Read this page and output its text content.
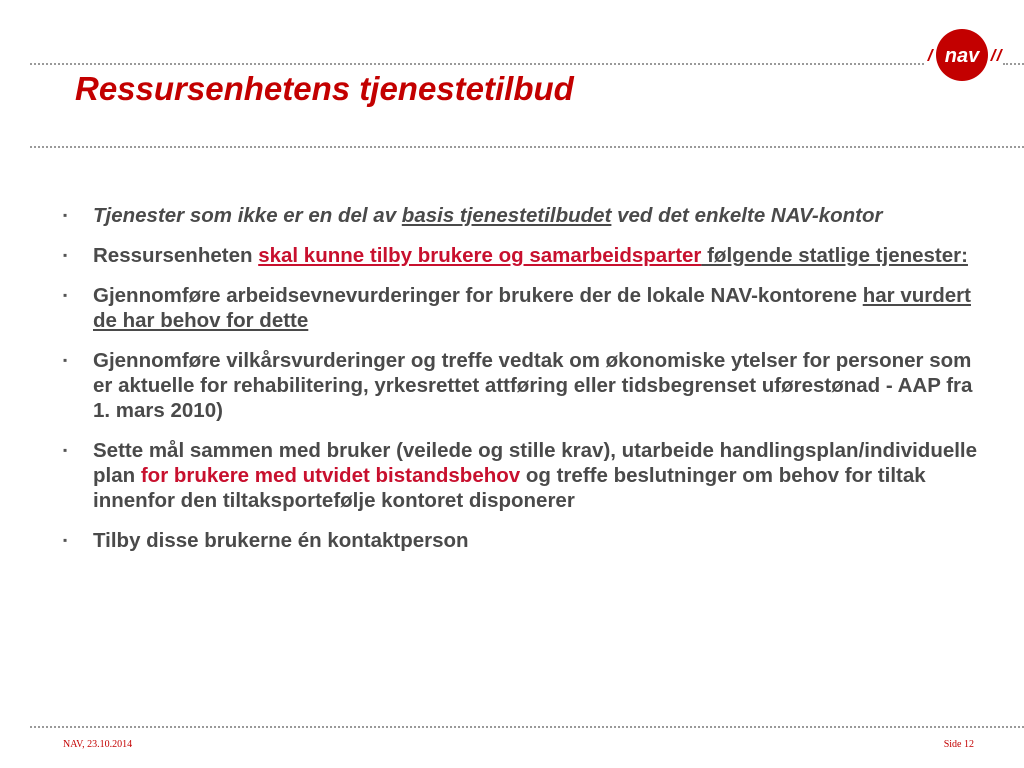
Ressursenhetens tjenestetilbud
nav
▪ Tjenester som ikke er en del av basis tjenestetilbudet ved det enkelte NAV-kontor
▪ Ressursenheten skal kunne tilby brukere og samarbeidsparter følgende statlige tjenester:
▪ Gjennomføre arbeidsevnevurderinger for brukere der de lokale NAV-kontorene har vurdert de har behov for dette
▪ Gjennomføre vilkårsvurderinger og treffe vedtak om økonomiske ytelser for personer som er aktuelle for rehabilitering, yrkesrettet attføring eller tidsbegrenset uførestønad - AAP fra 1. mars 2010)
▪ Sette mål sammen med bruker (veilede og stille krav), utarbeide handlingsplan/individuelle plan for brukere med utvidet bistandsbehov og treffe beslutninger om behov for tiltak innenfor den tiltaksportefølje kontoret disponerer
▪ Tilby disse brukerne én kontaktperson
NAV, 23.10.2014	Side 12
